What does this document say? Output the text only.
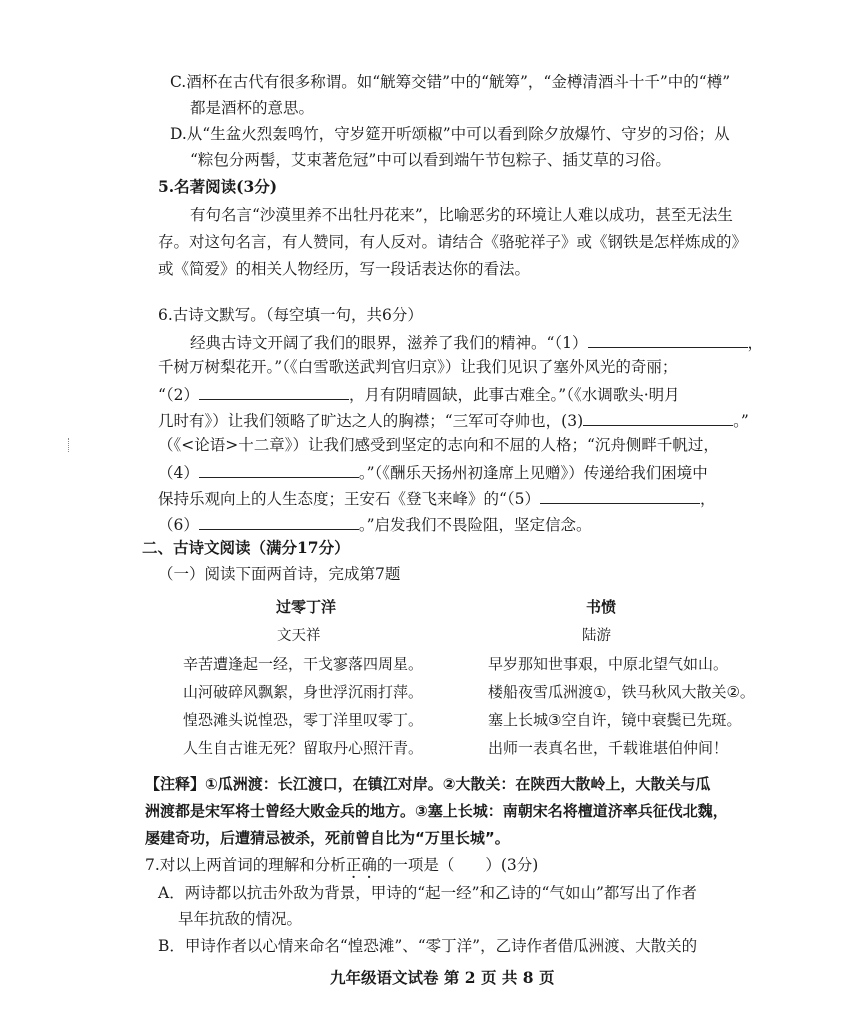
C.酒杯在古代有很多称谓。如“觥筹交错”中的“觥筹”，“金樽清酒斗十千”中的“樽”
都是酒杯的意思。
D.从“生盆火烈轰鸣竹，守岁筵开听颂椒”中可以看到除夕放爆竹、守岁的习俗；从
“粽包分两髻，艾束著危冠”中可以看到端午节包粽子、插艾草的习俗。
5.名著阅读(3分)
有句名言“沙漠里养不出牡丹花来”，比喻恶劣的环境让人难以成功，甚至无法生
存。对这句名言，有人赞同，有人反对。请结合《骆驼祥子》或《钢铁是怎样炼成的》
或《简爱》的相关人物经历，写一段话表达你的看法。
6.古诗文默写。（每空填一句，共6分）
经典古诗文开阔了我们的眼界，滋养了我们的精神。“（1）	，
千树万树梨花开。”（《白雪歌送武判官归京》）让我们见识了塞外风光的奇丽；
“（2）	，月有阴晴圆缺，此事古难全。”（《水调歌头·明月
几时有》）让我们领略了旷达之人的胸襟；“三军可夺帅也，(3)	。”
（《<论语>十二章》）让我们感受到坚定的志向和不屈的人格；“沉舟侧畔千帆过，
（4）	。”（《酬乐天扬州初逢席上见赠》）传递给我们困境中
保持乐观向上的人生态度；王安石《登飞来峰》的“（5）	，
（6）	。”启发我们不畏险阻，坚定信念。
二、古诗文阅读（满分17分）
（一）阅读下面两首诗，完成第7题
过零丁洋
文天祥
辛苦遭逢起一经，干戈寥落四周星。
山河破碎风飘絮，身世浮沉雨打萍。
惶恐滩头说惶恐，零丁洋里叹零丁。
人生自古谁无死？留取丹心照汗青。
书愤
陆游
早岁那知世事艰，中原北望气如山。
楼船夜雪瓜洲渡①，铁马秋风大散关②。
塞上长城③空自许，镜中衰鬓已先斑。
出师一表真名世，千载谁堪伯仲间！
【注释】①瓜洲渡：长江渡口，在镇江对岸。②大散关：在陕西大散岭上，大散关与瓜
洲渡都是宋军将士曾经大败金兵的地方。③塞上长城：南朝宋名将檀道济率兵征伐北魏，
屡建奇功，后遭猜忌被杀，死前曾自比为“万里长城”。
7.对以上两首词的理解和分析正确的一项是（　　）(3分)
A．两诗都以抗击外敌为背景，甲诗的“起一经”和乙诗的“气如山”都写出了作者
早年抗敌的情况。
B．甲诗作者以心情来命名“惶恐滩”、“零丁洋”，乙诗作者借瓜洲渡、大散关的
九年级语文试卷 第 2 页 共 8 页
